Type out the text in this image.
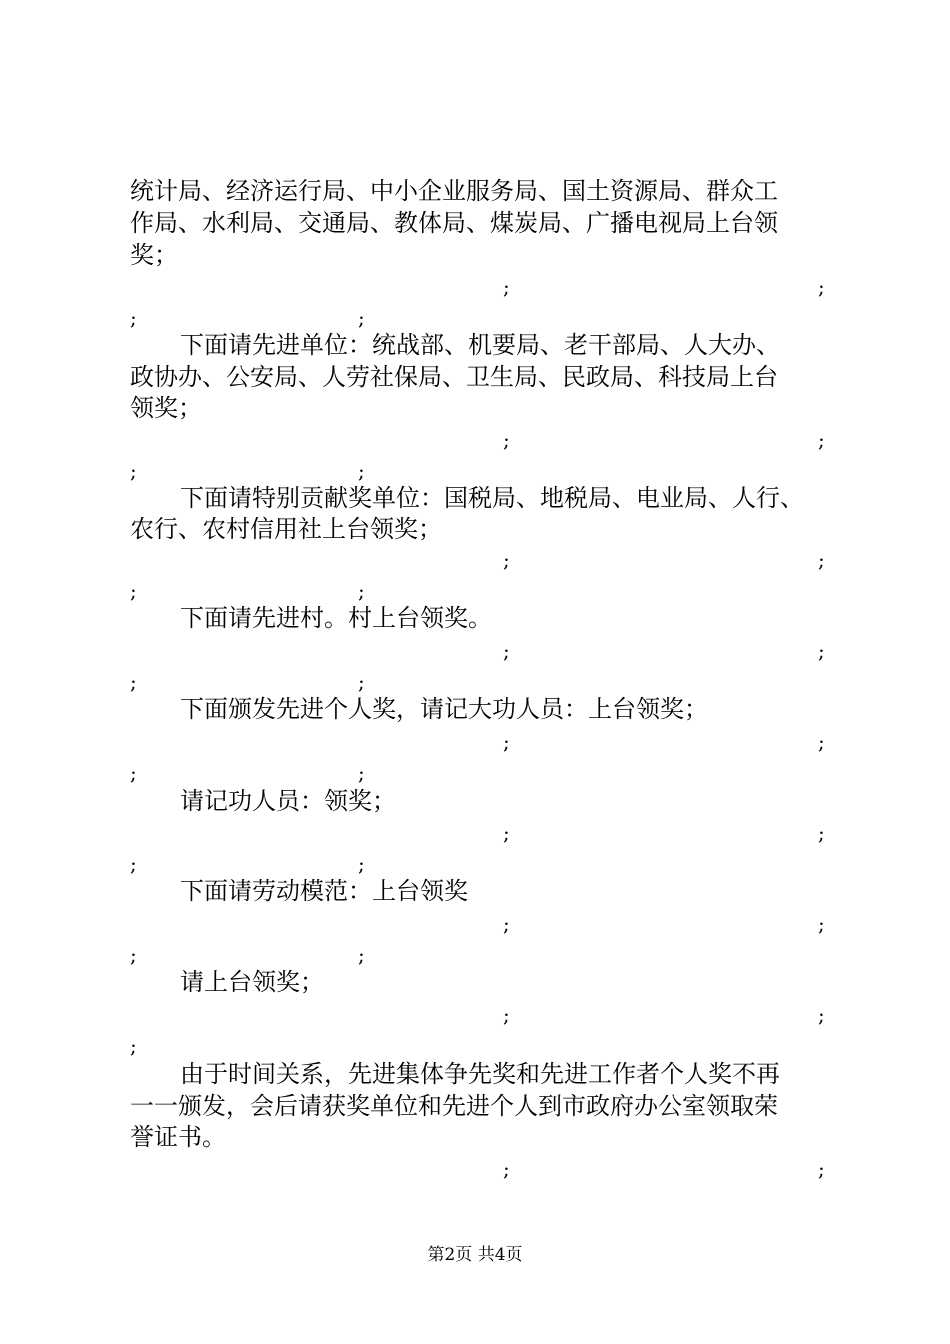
统计局、经济运行局、中小企业服务局、国土资源局、群众工
作局、水利局、交通局、教体局、煤炭局、广播电视局上台领
奖；
;	;
;	;
下面请先进单位：统战部、机要局、老干部局、人大办、
政协办、公安局、人劳社保局、卫生局、民政局、科技局上台
领奖；
;	;
;	;
下面请特别贡献奖单位：国税局、地税局、电业局、人行、
农行、农村信用社上台领奖；
;	;
;	;
下面请先进村。村上台领奖。
;	;
;	;
下面颁发先进个人奖，请记大功人员：上台领奖；
;	;
;	;
请记功人员：领奖；
;	;
;	;
下面请劳动模范：上台领奖
;	;
;	;
请上台领奖；
;	;
;
由于时间关系，先进集体争先奖和先进工作者个人奖不再
一一颁发，会后请获奖单位和先进个人到市政府办公室领取荣
誉证书。
;	;
第2页 共4页
